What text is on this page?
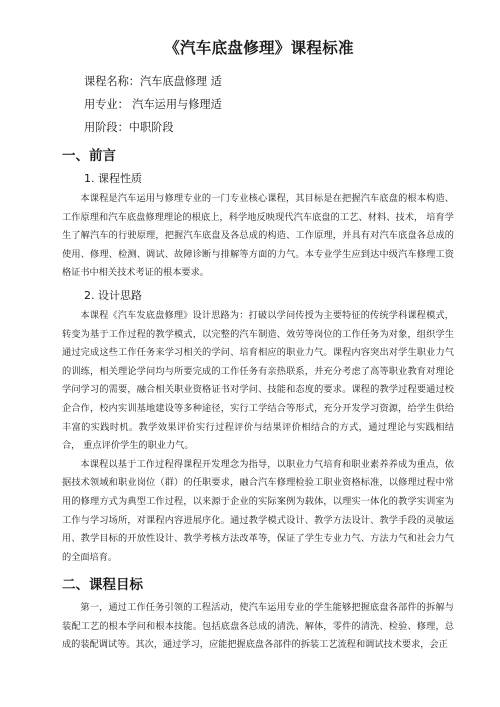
《汽车底盘修理》课程标准
课程名称：汽车底盘修理 适
用专业： 汽车运用与修理适
用阶段：中职阶段
一、前言
1. 课程性质

本课程是汽车运用与修理专业的一门专业核心课程，其目标是在把握汽车底盘的根本构造、工作原理和汽车底盘修理理论的根底上，科学地反映现代汽车底盘的工艺、材料、技术， 培育学生了解汽车的行驶原理，把握汽车底盘及各总成的构造、工作原理，并具有对汽车底盘各总成的使用、修理、检测、调试、故障诊断与排解等方面的力气。本专业学生应到达中级汽车修理工资格证书中相关技术考证的根本要求。

2. 设计思路

本课程《汽车发底盘修理》设计思路为：打破以学问传授为主要特征的传统学科课程模式，转变为基于工作过程的教学模式，以完整的汽车制造、效劳等岗位的工作任务为对象，组织学生通过完成这些工作任务来学习相关的学问、培育相应的职业力气。课程内容突出对学生职业力气的训练，相关理论学问均与所要完成的工作任务有亲热联系，并充分考虑了高等职业教育对理论学问学习的需要，融合相关职业资格证书对学问、技能和态度的要求。课程的教学过程要通过校企合作，校内实训基地建设等多种途径，实行工学结合等形式，充分开发学习资源，给学生供给丰富的实践时机。教学效果评价实行过程评价与结果评价相结合的方式，通过理论与实践相结合， 重点评价学生的职业力气。

本课程以基于工作过程得课程开发理念为指导，以职业力气培育和职业素养养成为重点，依据技术领域和职业岗位（群）的任职要求，融合汽车修理检验工职业资格标准，以修理过程中常用的修理方式为典型工作过程，以来源于企业的实际案例为载体，以理实一体化的教学实训室为工作与学习场所，对课程内容进展序化。通过教学模式设计、教学方法设计、教学手段的灵敏运用、教学目标的开放性设计、教学考核方法改革等，保证了学生专业力气、方法力气和社会力气的全面培育。

二、课程目标

第一，通过工作任务引领的工程活动，使汽车运用专业的学生能够把握底盘各部件的拆解与装配工艺的根本学问和根本技能。包括底盘各总成的清洗、解体，零件的清洗、检验、修理，总成的装配调试等。其次，通过学习，应能把握底盘各部件的拆装工艺流程和调试技术要求，会正
